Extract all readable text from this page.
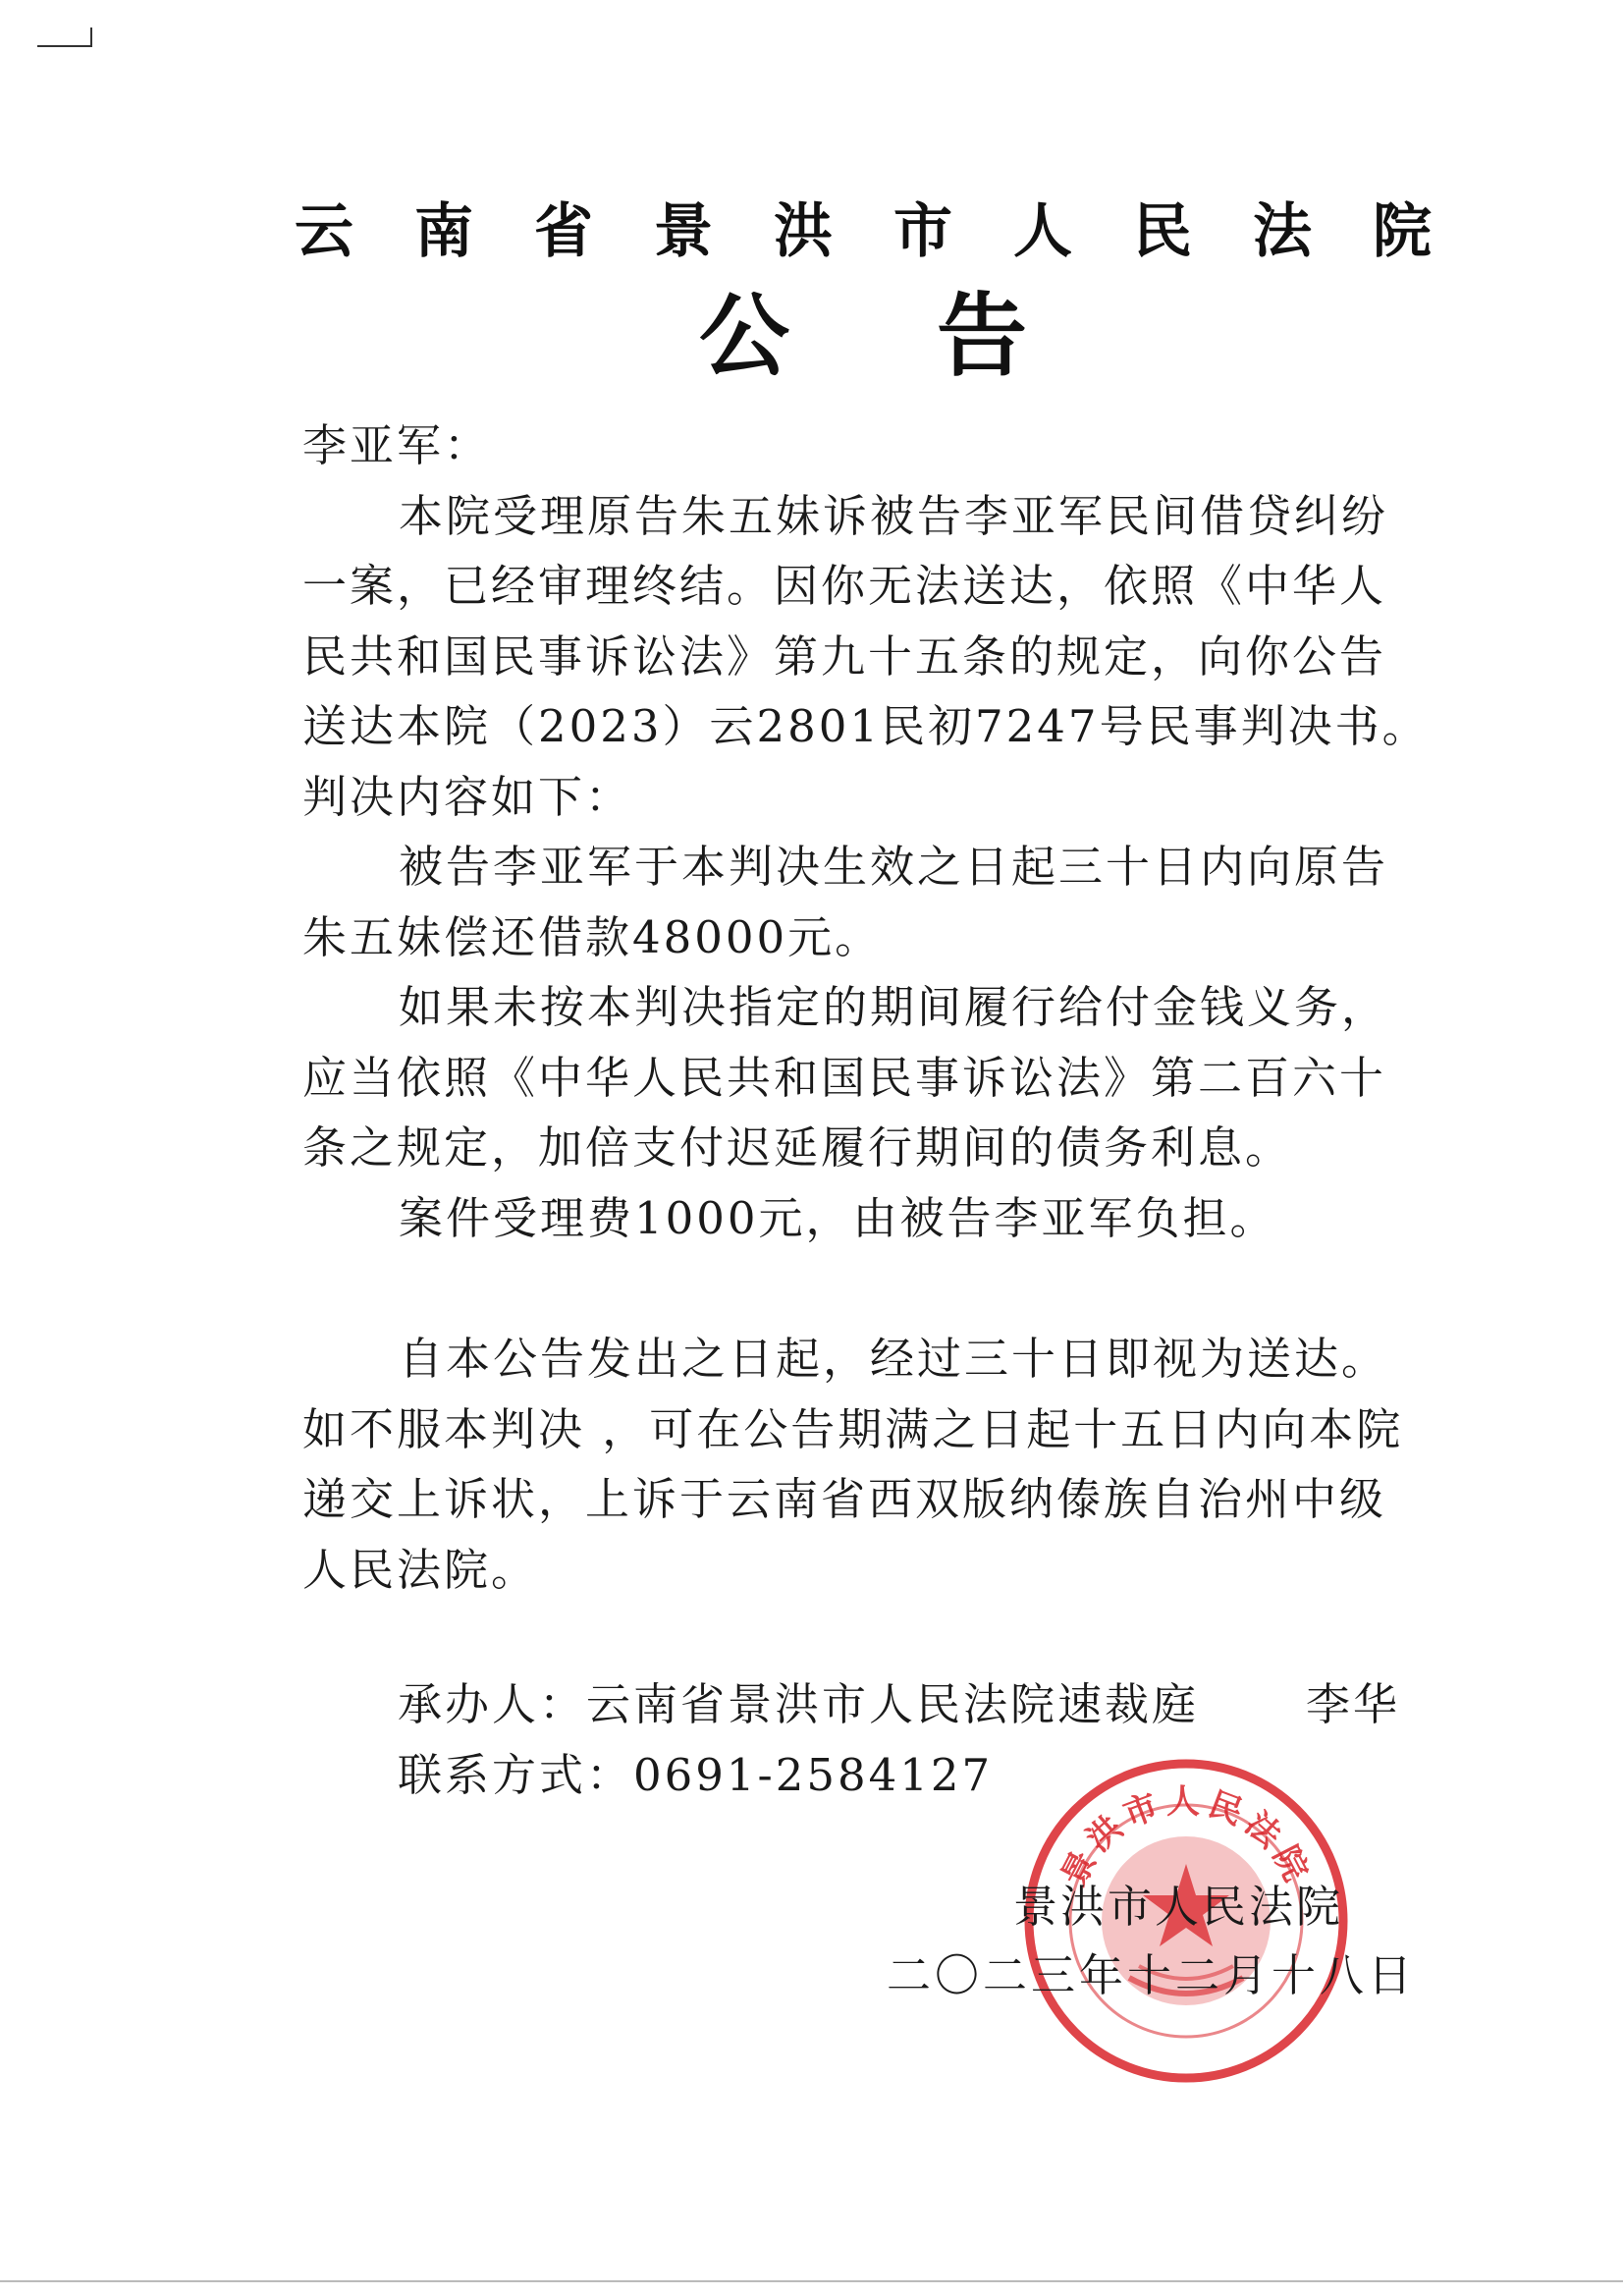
云南省景洪市人民法院
公告

李亚军：

本院受理原告朱五妹诉被告李亚军民间借贷纠纷一案，已经审理终结。因你无法送达，依照《中华人民共和国民事诉讼法》第九十五条的规定，向你公告送达本院（2023）云2801民初7247号民事判决书。

判决内容如下：

被告李亚军于本判决生效之日起三十日内向原告朱五妹偿还借款48000元。

如果未按本判决指定的期间履行给付金钱义务，应当依照《中华人民共和国民事诉讼法》第二百六十条之规定，加倍支付迟延履行期间的债务利息。

案件受理费1000元，由被告李亚军负担。

自本公告发出之日起，经过三十日即视为送达。如不服本判决 ，可在公告期满之日起十五日内向本院递交上诉状，上诉于云南省西双版纳傣族自治州中级人民法院。

承办人：云南省景洪市人民法院速裁庭

联系方式：0691-2584127

李华
景洪市人民法院
景洪市人民法院
二〇二三年十二月十八日
